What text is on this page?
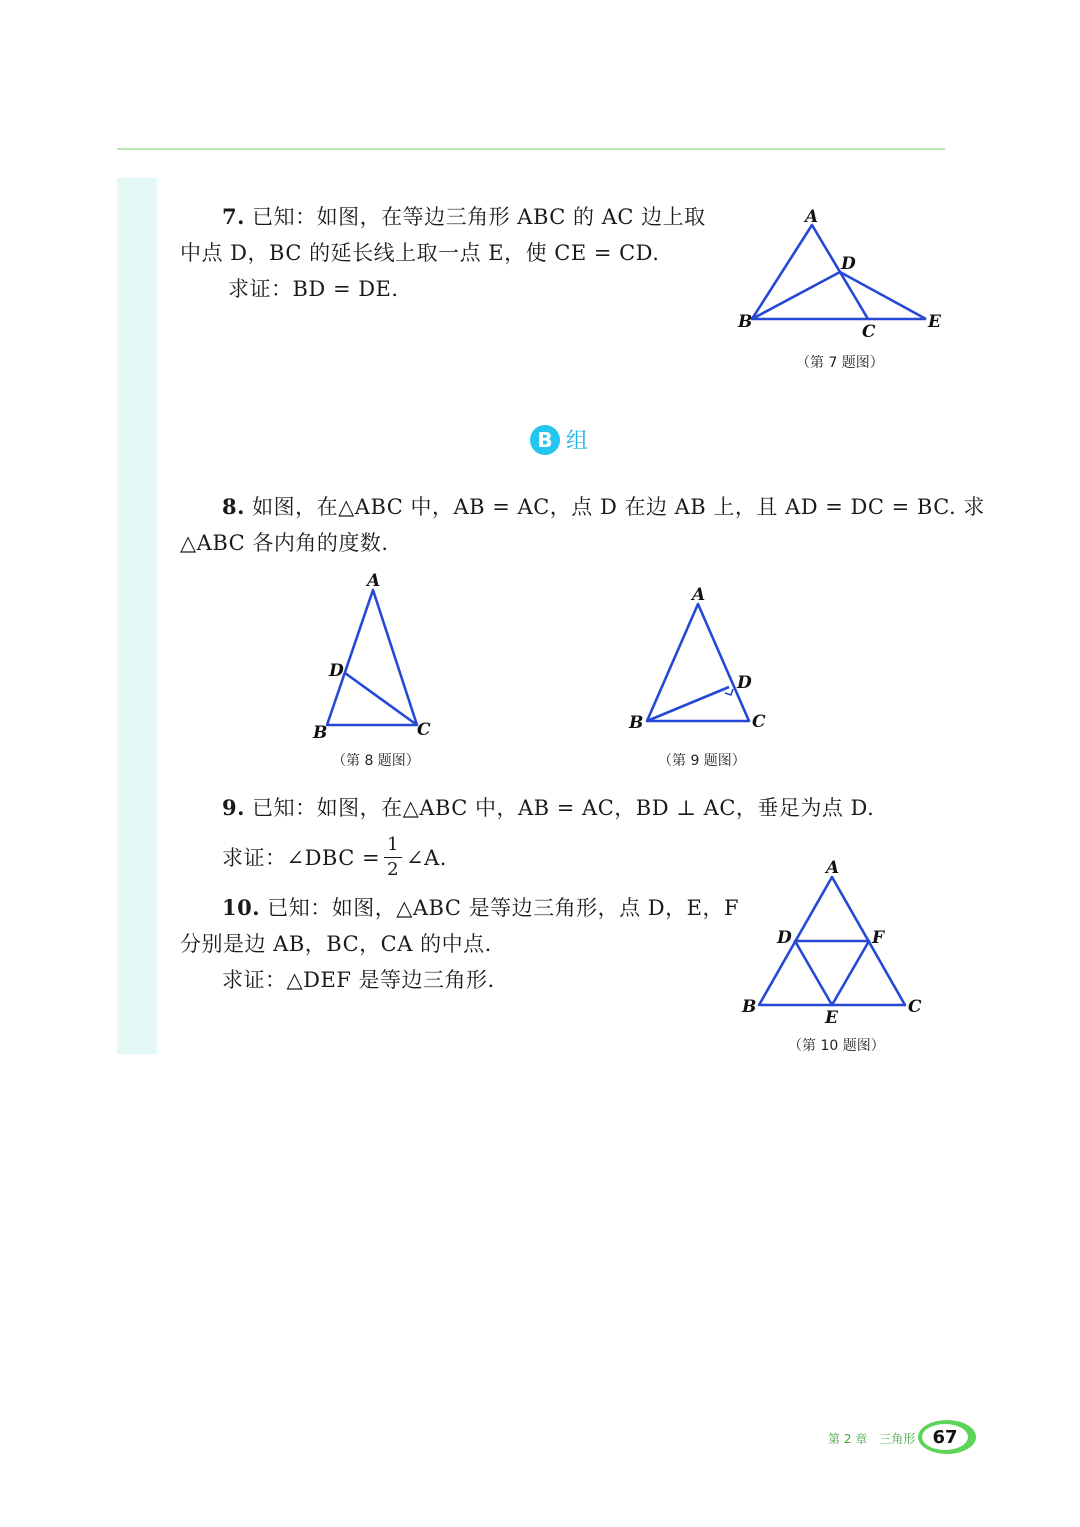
7. 已知：如图，在等边三角形 ABC 的 AC 边上取
中点 D，BC 的延长线上取一点 E，使 CE = CD.
求证：BD = DE.
A
B	C
D
E
（第 7 题图）
B 组
8. 如图，在△ABC 中，AB = AC，点 D 在边 AB 上，且 AD = DC = BC. 求
△ABC 各内角的度数.
A
D
B	C
（第 8 题图）
A
D
B	C
（第 9 题图）
9. 已知：如图，在△ABC 中，AB = AC，BD ⊥ AC，垂足为点 D.
求证：∠DBC = $\frac{1}{2}$ ∠A.
10. 已知：如图，△ABC 是等边三角形，点 D，E，F
分别是边 AB，BC，CA 的中点.
求证：△DEF 是等边三角形.
A
D	F
B
E
C
（第 10 题图）
第 2 章　三角形 67
